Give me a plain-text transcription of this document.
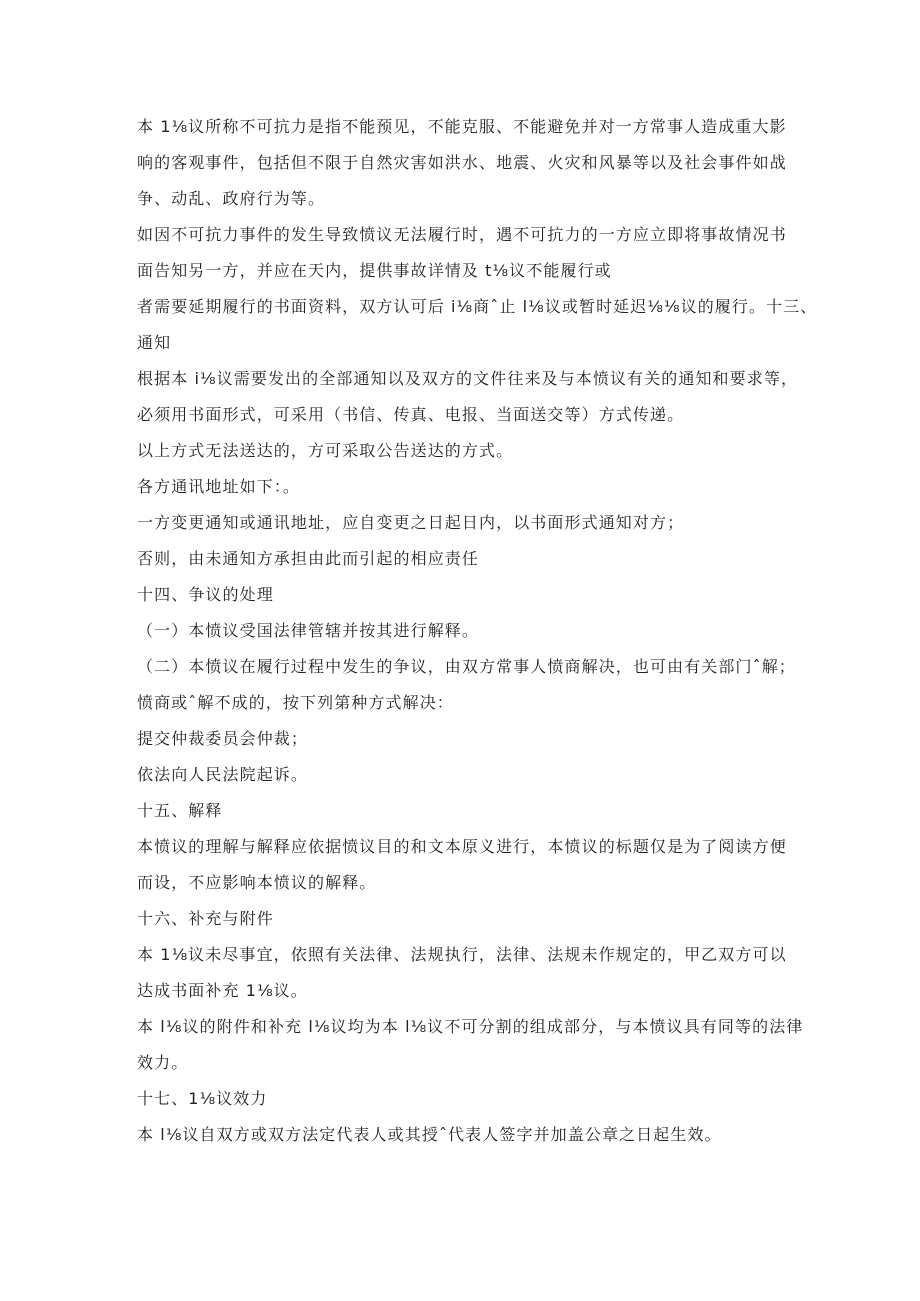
本 1⅛议所称不可抗力是指不能预见，不能克服、不能避免并对一方常事人造成重大影
响的客观事件，包括但不限于自然灾害如洪水、地震、火灾和风暴等以及社会事件如战
争、动乱、政府行为等。
如因不可抗力事件的发生导致愤议无法履行时，遇不可抗力的一方应立即将事故情况书
面告知另一方，并应在天内，提供事故详情及 t⅛议不能履行或
者需要延期履行的书面资料，双方认可后 i⅛商ˆ止 l⅛议或暂时延迟⅛⅛议的履行。十三、
通知
根据本 i⅛议需要发出的全部通知以及双方的文件往来及与本愤议有关的通知和要求等，
必须用书面形式，可采用（书信、传真、电报、当面送交等）方式传递。
以上方式无法送达的，方可采取公告送达的方式。
各方通讯地址如下：。
一方变更通知或通讯地址，应自变更之日起日内，以书面形式通知对方；
否则，由未通知方承担由此而引起的相应责任
十四、争议的处理
（一）本愤议受国法律管辖并按其进行解释。
（二）本愤议在履行过程中发生的争议，由双方常事人愤商解决，也可由有关部门ˆ解；
愤商或ˆ解不成的，按下列第种方式解决：
提交仲裁委员会仲裁；
依法向人民法院起诉。
十五、解释
本愤议的理解与解释应依据愤议目的和文本原义进行，本愤议的标题仅是为了阅读方便
而设，不应影响本愤议的解释。
十六、补充与附件
本 1⅛议未尽事宜，依照有关法律、法规执行，法律、法规未作规定的，甲乙双方可以
达成书面补充 1⅛议。
本 l⅛议的附件和补充 l⅛议均为本 l⅛议不可分割的组成部分，与本愤议具有同等的法律
效力。
十七、1⅛议效力
本 l⅛议自双方或双方法定代表人或其授ˆ代表人签字并加盖公章之日起生效。
